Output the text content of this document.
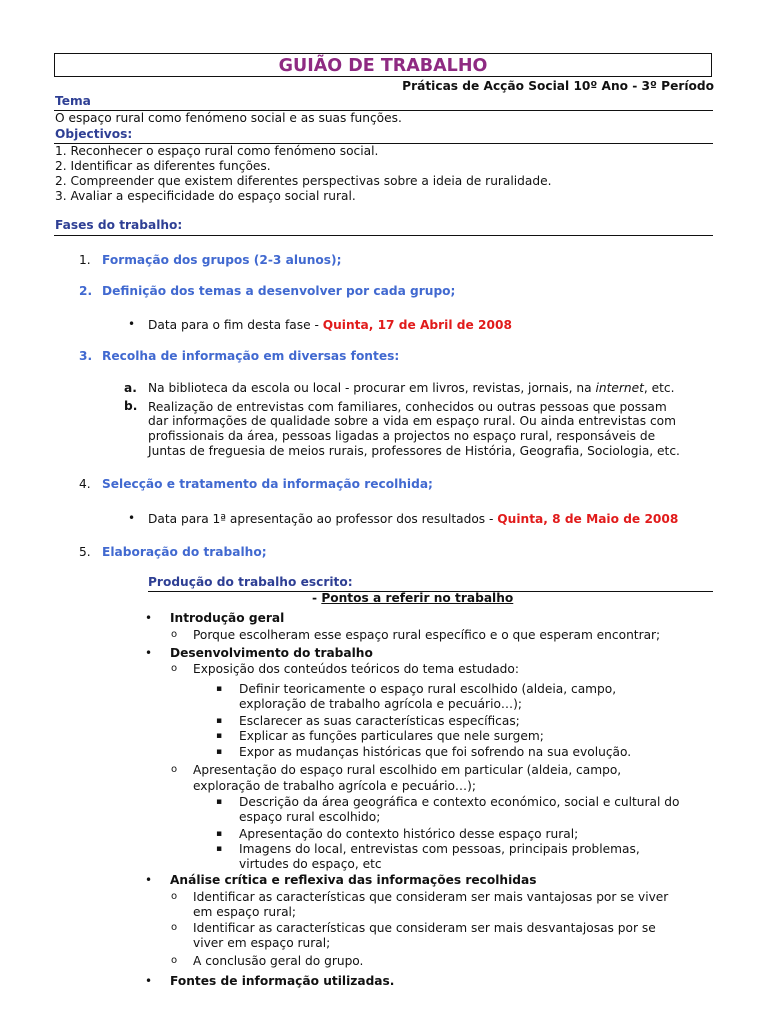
GUIÃO DE TRABALHO
Práticas de Acção Social 10º Ano - 3º Período
Tema
O espaço rural como fenómeno social e as suas funções.
Objectivos:
1. Reconhecer o espaço rural como fenómeno social.
2. Identificar as diferentes funções.
2. Compreender que existem diferentes perspectivas sobre a ideia de ruralidade.
3. Avaliar a especificidade do espaço social rural.
Fases do trabalho:
1. Formação dos grupos (2-3 alunos);
2. Definição dos temas a desenvolver por cada grupo;
• Data para o fim desta fase - Quinta, 17 de Abril de 2008
3. Recolha de informação em diversas fontes:
a. Na biblioteca da escola ou local - procurar em livros, revistas, jornais, na internet, etc.
b. Realização de entrevistas com familiares, conhecidos ou outras pessoas que possam
dar informações de qualidade sobre a vida em espaço rural. Ou ainda entrevistas com
profissionais da área, pessoas ligadas a projectos no espaço rural, responsáveis de
Juntas de freguesia de meios rurais, professores de História, Geografia, Sociologia, etc.
4. Selecção e tratamento da informação recolhida;
• Data para 1ª apresentação ao professor dos resultados - Quinta, 8 de Maio de 2008
5. Elaboração do trabalho;
Produção do trabalho escrito:
- Pontos a referir no trabalho
• Introdução geral
o Porque escolheram esse espaço rural específico e o que esperam encontrar;
• Desenvolvimento do trabalho
o Exposição dos conteúdos teóricos do tema estudado:
▪ Definir teoricamente o espaço rural escolhido (aldeia, campo,
exploração de trabalho agrícola e pecuário…);
▪ Esclarecer as suas características específicas;
▪ Explicar as funções particulares que nele surgem;
▪ Expor as mudanças históricas que foi sofrendo na sua evolução.
o Apresentação do espaço rural escolhido em particular (aldeia, campo,
exploração de trabalho agrícola e pecuário…);
▪ Descrição da área geográfica e contexto económico, social e cultural do
espaço rural escolhido;
▪ Apresentação do contexto histórico desse espaço rural;
▪ Imagens do local, entrevistas com pessoas, principais problemas,
virtudes do espaço, etc
• Análise crítica e reflexiva das informações recolhidas
o Identificar as características que consideram ser mais vantajosas por se viver
em espaço rural;
o Identificar as características que consideram ser mais desvantajosas por se
viver em espaço rural;
o A conclusão geral do grupo.
• Fontes de informação utilizadas.
